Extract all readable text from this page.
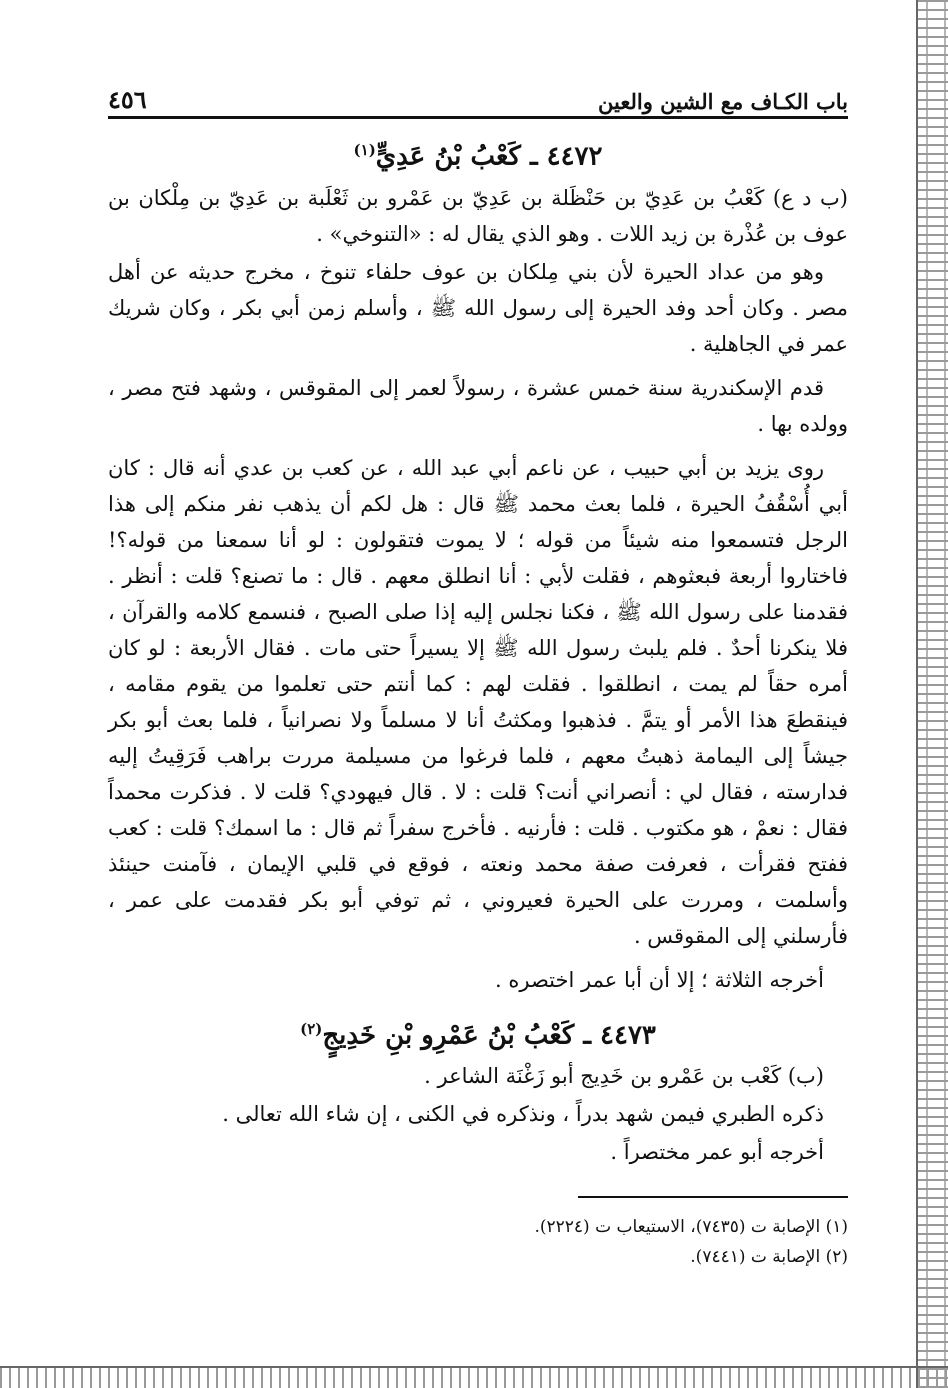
باب الكـاف مع الشين والعين
٤٥٦
٤٤٧٢ ـ كَعْبُ بْنُ عَدِيٍّ$^{(١)}$

(ب د ع) كَعْبُ بن عَدِيّ بن حَنْظَلة بن عَدِيّ بن عَمْرو بن ثَعْلَبة بن عَدِيّ بن مِلْكان بن عوف بن عُذْرة بن زيد اللات . وهو الذي يقال له : «التنوخي» .

وهو من عداد الحيرة لأن بني مِلكان بن عوف حلفاء تنوخ ، مخرج حديثه عن أهل مصر . وكان أحد وفد الحيرة إلى رسول الله ﷺ ، وأسلم زمن أبي بكر ، وكان شريك عمر في الجاهلية .

قدم الإسكندرية سنة خمس عشرة ، رسولاً لعمر إلى المقوقس ، وشهد فتح مصر ، وولده بها .

روى يزيد بن أبي حبيب ، عن ناعم أبي عبد الله ، عن كعب بن عدي أنه قال : كان أبي أُسْقُفُ الحيرة ، فلما بعث محمد ﷺ قال : هل لكم أن يذهب نفر منكم إلى هذا الرجل فتسمعوا منه شيئاً من قوله ؛ لا يموت فتقولون : لو أنا سمعنا من قوله؟! فاختاروا أربعة فبعثوهم ، فقلت لأبي : أنا انطلق معهم . قال : ما تصنع؟ قلت : أنظر . فقدمنا على رسول الله ﷺ ، فكنا نجلس إليه إذا صلى الصبح ، فنسمع كلامه والقرآن ، فلا ينكرنا أحدٌ . فلم يلبث رسول الله ﷺ إلا يسيراً حتى مات . فقال الأربعة : لو كان أمره حقاً لم يمت ، انطلقوا . فقلت لهم : كما أنتم حتى تعلموا من يقوم مقامه ، فينقطعَ هذا الأمر أو يتمَّ . فذهبوا ومكثتُ أنا لا مسلماً ولا نصرانياً ، فلما بعث أبو بكر جيشاً إلى اليمامة ذهبتُ معهم ، فلما فرغوا من مسيلمة مررت براهب فَرَقِيتُ إليه فدارسته ، فقال لي : أنصراني أنت؟ قلت : لا . قال فيهودي؟ قلت لا . فذكرت محمداً فقال : نعمْ ، هو مكتوب . قلت : فأرنيه . فأخرج سفراً ثم قال : ما اسمك؟ قلت : كعب ففتح فقرأت ، فعرفت صفة محمد ونعته ، فوقع في قلبي الإيمان ، فآمنت حينئذ وأسلمت ، ومررت على الحيرة فعيروني ، ثم توفي أبو بكر فقدمت على عمر ، فأرسلني إلى المقوقس .

أخرجه الثلاثة ؛ إلا أن أبا عمر اختصره .

٤٤٧٣ ـ كَعْبُ بْنُ عَمْرِو بْنِ خَدِيجٍ$^{(٢)}$

(ب) كَعْب بن عَمْرو بن خَدِيج أبو زَغْنَة الشاعر .

ذكره الطبري فيمن شهد بدراً ، ونذكره في الكنى ، إن شاء الله تعالى .

أخرجه أبو عمر مختصراً .

(١) الإصابة ت (٧٤٣٥)، الاستيعاب ت (٢٢٢٤).
(٢) الإصابة ت (٧٤٤١).
